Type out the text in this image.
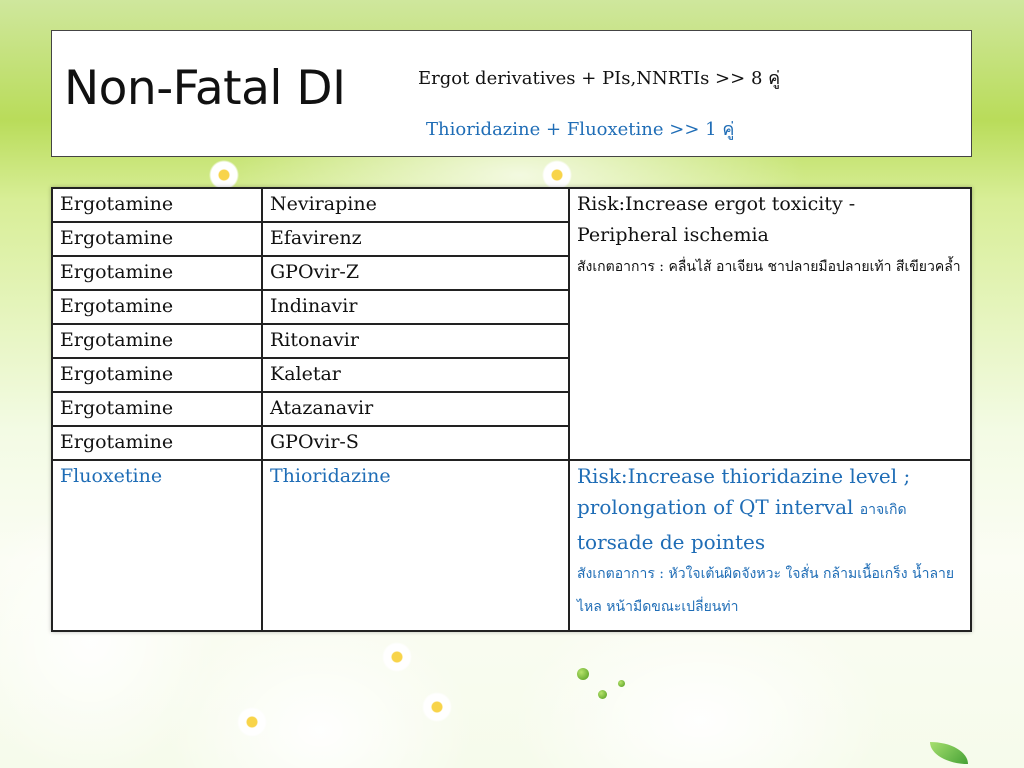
Non-Fatal DI	Ergot derivatives + PIs,NNRTIs >> 8 คู่
Thioridazine + Fluoxetine >> 1 คู่
Ergotamine	Nevirapine	Risk:Increase ergot toxicity -
Peripheral ischemia
สังเกตอาการ : คลื่นไส้ อาเจียน ชาปลายมือปลายเท้า สีเขียวคล้ำ

Ergotamine	Efavirenz	
Ergotamine	GPOvir-Z	
Ergotamine	Indinavir	
Ergotamine	Ritonavir	
Ergotamine	Kaletar	
Ergotamine	Atazanavir	
Ergotamine	GPOvir-S	
Fluoxetine	Thioridazine	Risk:Increase thioridazine level ;
prolongation of QT interval อาจเกิด
torsade de pointes
สังเกตอาการ : หัวใจเต้นผิดจังหวะ ใจสั่น กล้ามเนื้อเกร็ง น้ำลายไหล หน้ามืดขณะเปลี่ยนท่า
